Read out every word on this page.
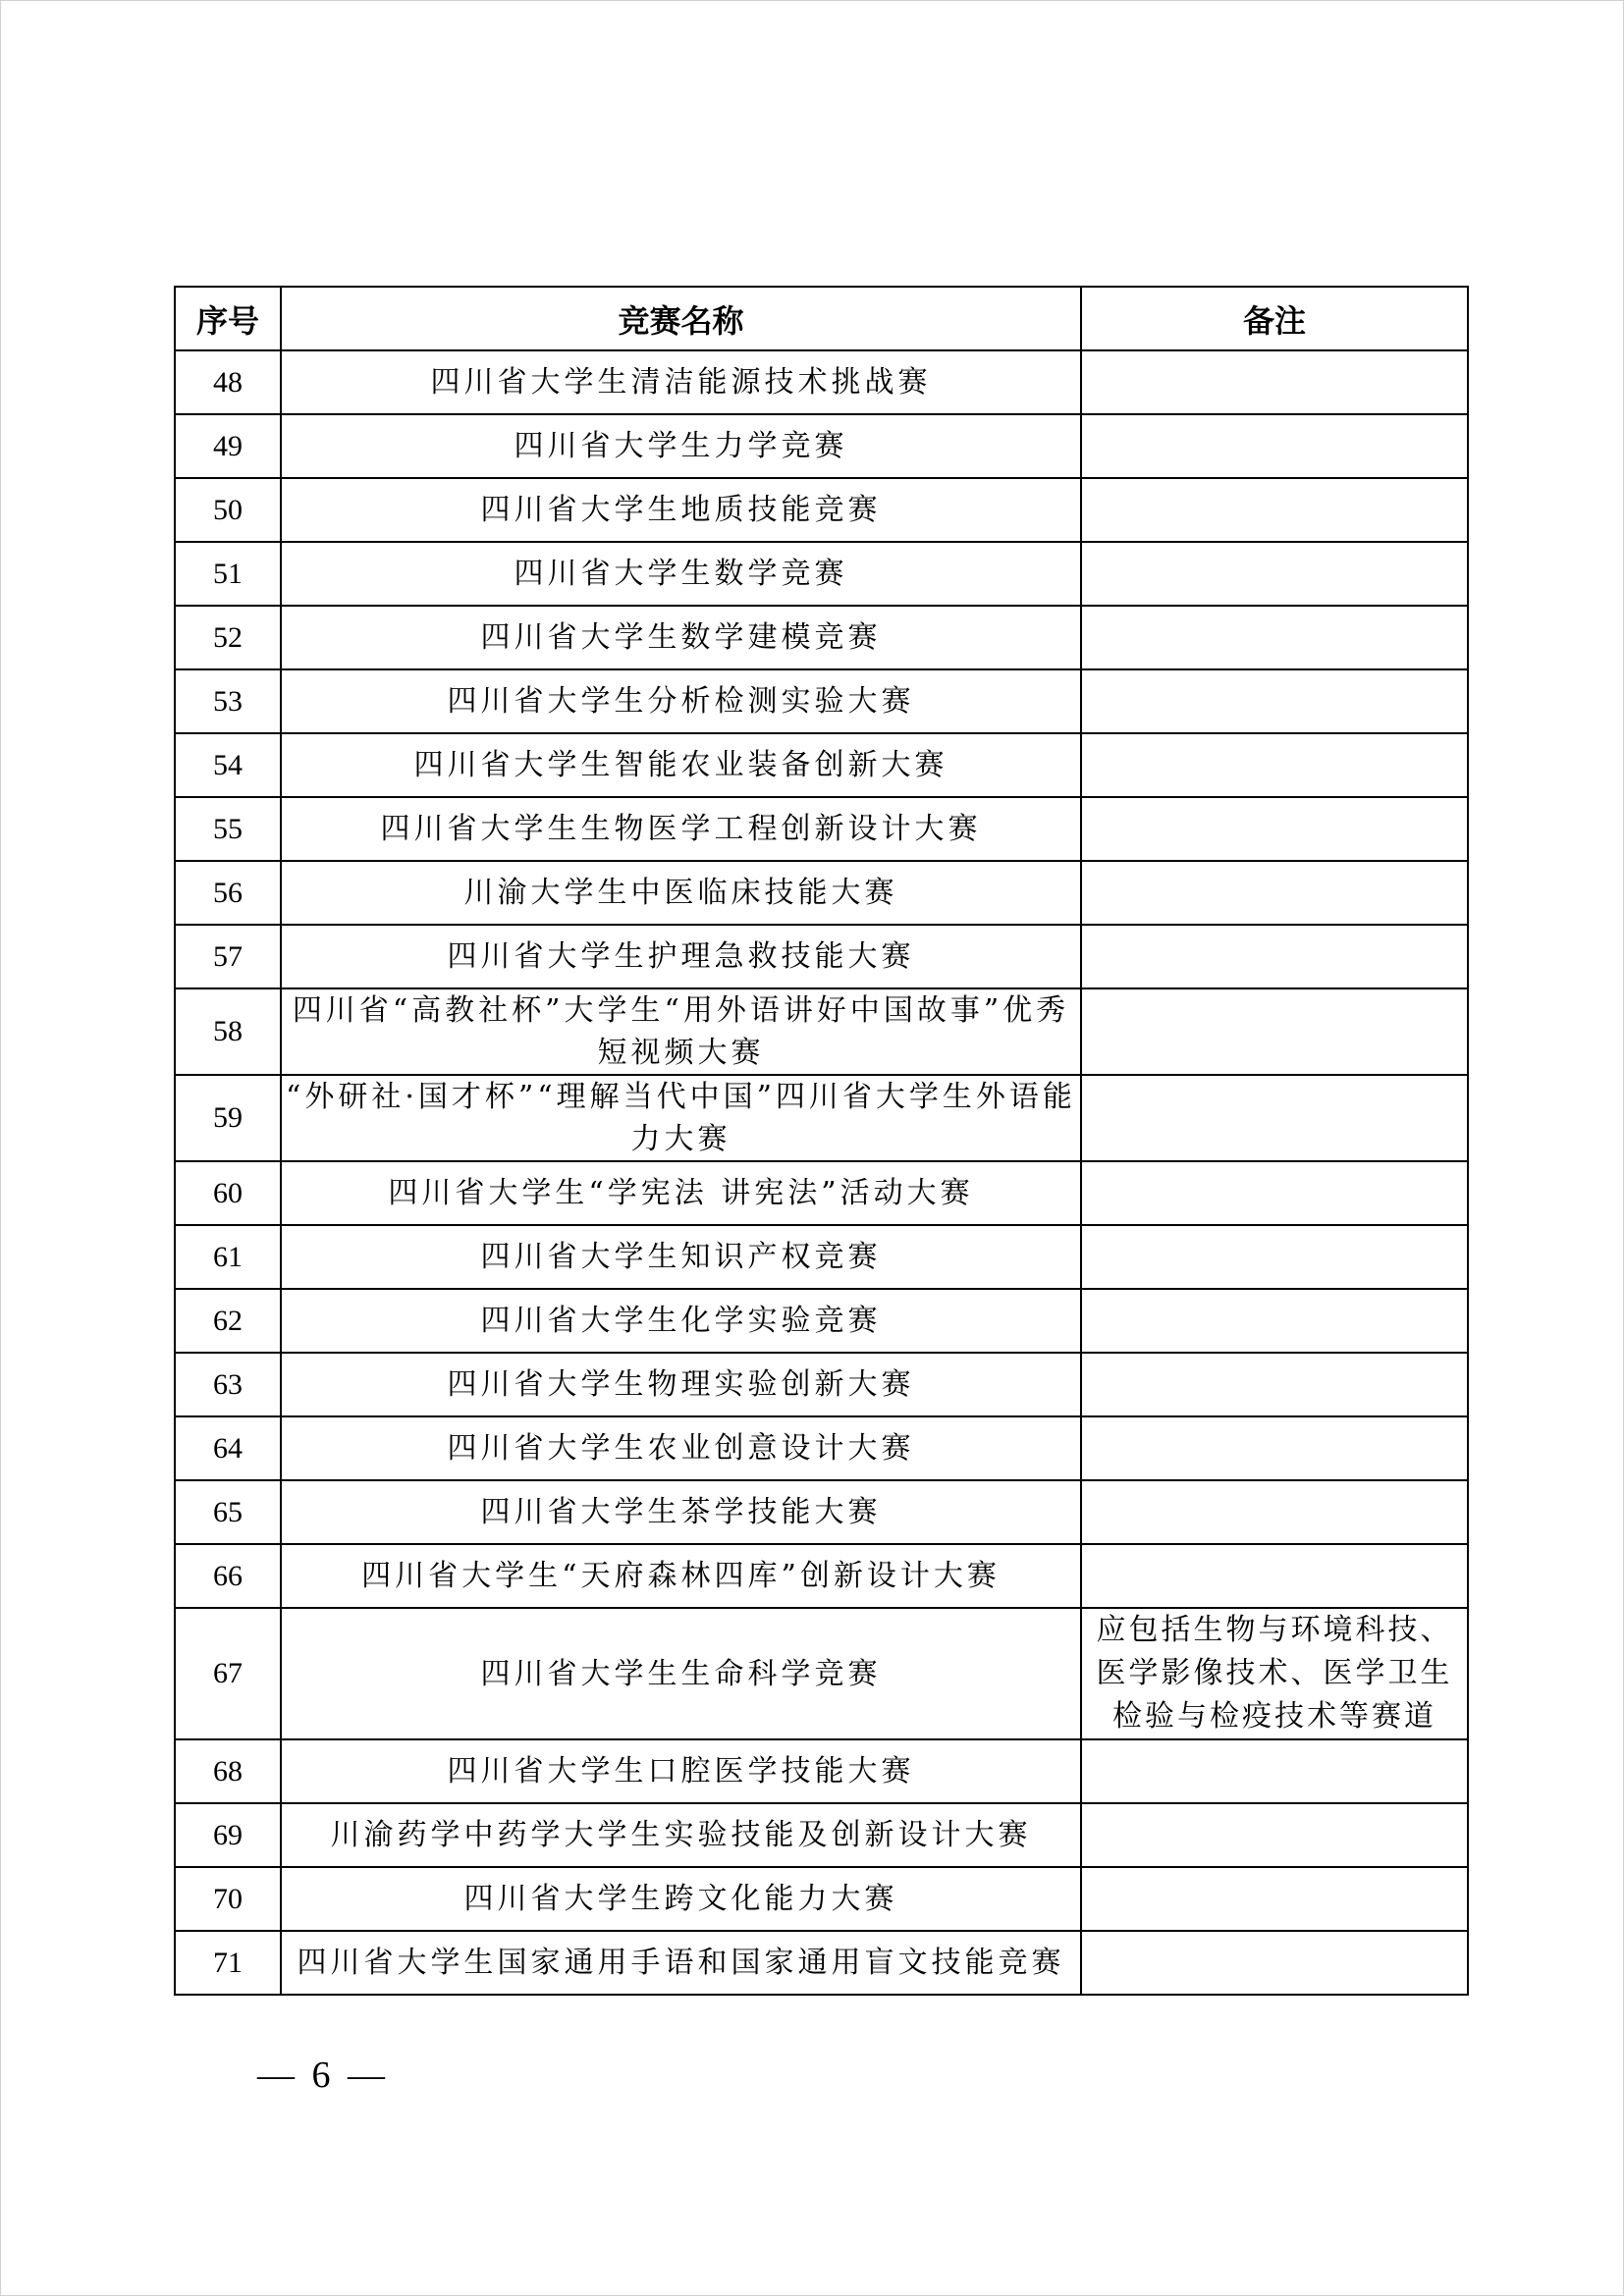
序号	竞赛名称	备注
48	四川省大学生清洁能源技术挑战赛	
49	四川省大学生力学竞赛	
50	四川省大学生地质技能竞赛	
51	四川省大学生数学竞赛	
52	四川省大学生数学建模竞赛	
53	四川省大学生分析检测实验大赛	
54	四川省大学生智能农业装备创新大赛	
55	四川省大学生生物医学工程创新设计大赛	
56	川渝大学生中医临床技能大赛	
57	四川省大学生护理急救技能大赛	
58	四川省“高教社杯”大学生“用外语讲好中国故事”优秀短视频大赛	
59	“外研社·国才杯”“理解当代中国”四川省大学生外语能力大赛	
60	四川省大学生“学宪法 讲宪法”活动大赛	
61	四川省大学生知识产权竞赛	
62	四川省大学生化学实验竞赛	
63	四川省大学生物理实验创新大赛	
64	四川省大学生农业创意设计大赛	
65	四川省大学生茶学技能大赛	
66	四川省大学生“天府森林四库”创新设计大赛	
67	四川省大学生生命科学竞赛	应包括生物与环境科技、医学影像技术、医学卫生检验与检疫技术等赛道
68	四川省大学生口腔医学技能大赛	
69	川渝药学中药学大学生实验技能及创新设计大赛	
70	四川省大学生跨文化能力大赛	
71	四川省大学生国家通用手语和国家通用盲文技能竞赛	
— 6 —
